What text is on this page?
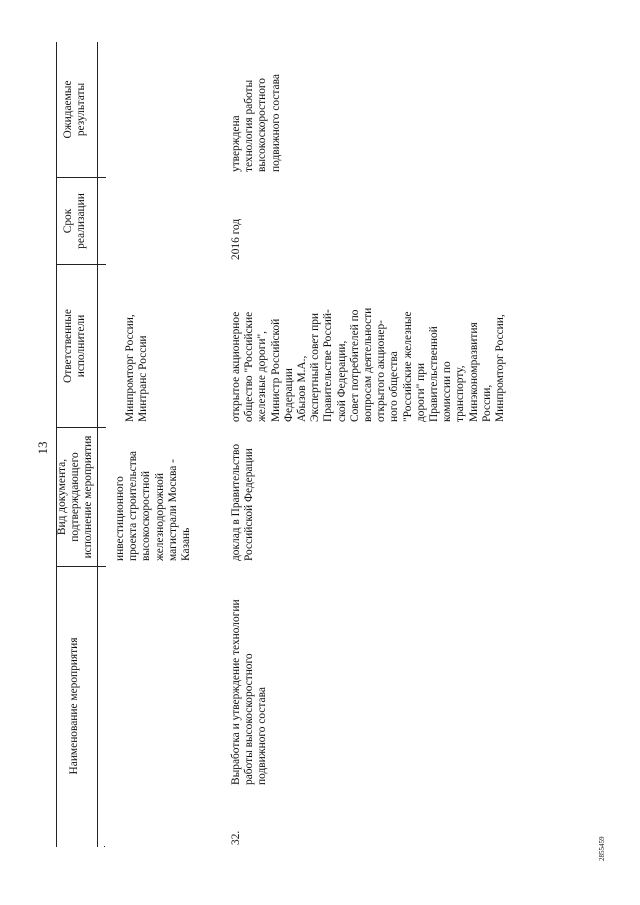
13
Наименование мероприятия
Вид документа,
подтверждающего
исполнение мероприятия
Ответственные
исполнители
Срок
реализации
Ожидаемые
результаты
инвестиционного
проекта строительства
высокоскоростной
железнодорожной
магистрали Москва -
Казань
Минпромторг России,
Минтранс России
32.
Выработка и утверждение технологии
работы высокоскоростного
подвижного состава
доклад в Правительство
Российской Федерации
открытое акционерное
общество "Российские
железные дороги",
Министр Российской
Федерации
Абызов М.А.,
Экспертный совет при
Правительстве Россий-
ской Федерации,
Совет потребителей по
вопросам деятельности
открытого акционер-
ного общества
"Российские железные
дороги" при
Правительственной
комиссии по
транспорту,
Минэкономразвития
России,
Минпромторг России,
2016 год
утверждена
технология работы
высокоскоростного
подвижного состава
2855459
